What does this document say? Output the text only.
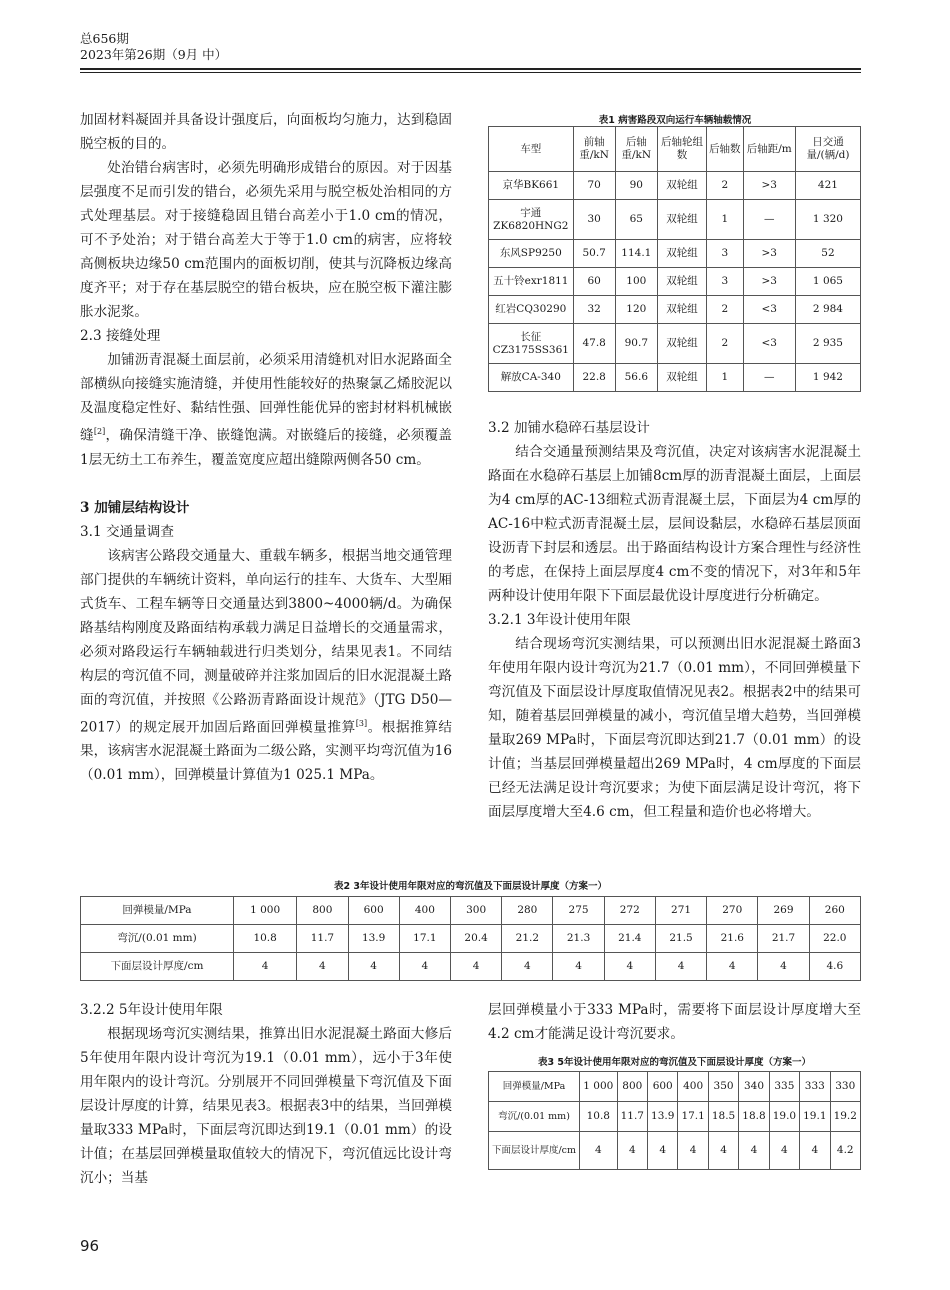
总656期
2023年第26期（9月 中）

加固材料凝固并具备设计强度后，向面板均匀施力，达到稳固脱空板的目的。

处治错台病害时，必须先明确形成错台的原因。对于因基层强度不足而引发的错台，必须先采用与脱空板处治相同的方式处理基层。对于接缝稳固且错台高差小于1.0 cm的情况，可不予处治；对于错台高差大于等于1.0 cm的病害，应将较高侧板块边缘50 cm范围内的面板切削，使其与沉降板边缘高度齐平；对于存在基层脱空的错台板块，应在脱空板下灌注膨胀水泥浆。

2.3 接缝处理

加铺沥青混凝土面层前，必须采用清缝机对旧水泥路面全部横纵向接缝实施清缝，并使用性能较好的热聚氯乙烯胶泥以及温度稳定性好、黏结性强、回弹性能优异的密封材料机械嵌缝[2]，确保清缝干净、嵌缝饱满。对嵌缝后的接缝，必须覆盖1层无纺土工布养生，覆盖宽度应超出缝隙两侧各50 cm。

3 加铺层结构设计

3.1 交通量调查

该病害公路段交通量大、重载车辆多，根据当地交通管理部门提供的车辆统计资料，单向运行的挂车、大货车、大型厢式货车、工程车辆等日交通量达到3800~4000辆/d。为确保路基结构刚度及路面结构承载力满足日益增长的交通量需求，必须对路段运行车辆轴载进行归类划分，结果见表1。不同结构层的弯沉值不同，测量破碎并注浆加固后的旧水泥混凝土路面的弯沉值，并按照《公路沥青路面设计规范》（JTG D50—2017）的规定展开加固后路面回弹模量推算[3]。根据推算结果，该病害水泥混凝土路面为二级公路，实测平均弯沉值为16（0.01 mm），回弹模量计算值为1 025.1 MPa。

表1 病害路段双向运行车辆轴载情况
车型	前轴重/kN	后轴重/kN	后轴轮组数	后轴数	后轴距/m	日交通量/(辆/d)
京华BK661	70	90	双轮组	2	>3	421
宇通ZK6820HNG2	30	65	双轮组	1	—	1 320
东风SP9250	50.7	114.1	双轮组	3	>3	52
五十铃exr1811	60	100	双轮组	3	>3	1 065
红岩CQ30290	32	120	双轮组	2	<3	2 984
长征CZ3175SS361	47.8	90.7	双轮组	2	<3	2 935
解放CA-340	22.8	56.6	双轮组	1	—	1 942

3.2 加铺水稳碎石基层设计

结合交通量预测结果及弯沉值，决定对该病害水泥混凝土路面在水稳碎石基层上加铺8cm厚的沥青混凝土面层，上面层为4 cm厚的AC-13细粒式沥青混凝土层，下面层为4 cm厚的AC-16中粒式沥青混凝土层，层间设黏层，水稳碎石基层顶面设沥青下封层和透层。出于路面结构设计方案合理性与经济性的考虑，在保持上面层厚度4 cm不变的情况下，对3年和5年两种设计使用年限下下面层最优设计厚度进行分析确定。

3.2.1 3年设计使用年限

结合现场弯沉实测结果，可以预测出旧水泥混凝土路面3年使用年限内设计弯沉为21.7（0.01 mm），不同回弹模量下弯沉值及下面层设计厚度取值情况见表2。根据表2中的结果可知，随着基层回弹模量的减小，弯沉值呈增大趋势，当回弹模量取269 MPa时，下面层弯沉即达到21.7（0.01 mm）的设计值；当基层回弹模量超出269 MPa时，4 cm厚度的下面层已经无法满足设计弯沉要求；为使下面层满足设计弯沉，将下面层厚度增大至4.6 cm，但工程量和造价也必将增大。

表2 3年设计使用年限对应的弯沉值及下面层设计厚度（方案一）
回弹模量/MPa	1 000	800	600	400	300	280	275	272	271	270	269	260
弯沉/(0.01 mm)	10.8	11.7	13.9	17.1	20.4	21.2	21.3	21.4	21.5	21.6	21.7	22.0
下面层设计厚度/cm	4	4	4	4	4	4	4	4	4	4	4	4.6

3.2.2 5年设计使用年限

根据现场弯沉实测结果，推算出旧水泥混凝土路面大修后5年使用年限内设计弯沉为19.1（0.01 mm），远小于3年使用年限内的设计弯沉。分别展开不同回弹模量下弯沉值及下面层设计厚度的计算，结果见表3。根据表3中的结果，当回弹模量取333 MPa时，下面层弯沉即达到19.1（0.01 mm）的设计值；在基层回弹模量取值较大的情况下，弯沉值远比设计弯沉小；当基

层回弹模量小于333 MPa时，需要将下面层设计厚度增大至4.2 cm才能满足设计弯沉要求。

表3 5年设计使用年限对应的弯沉值及下面层设计厚度（方案一）
回弹模量/MPa	1 000	800	600	400	350	340	335	333	330
弯沉/(0.01 mm)	10.8	11.7	13.9	17.1	18.5	18.8	19.0	19.1	19.2
下面层设计厚度/cm	4	4	4	4	4	4	4	4	4.2
96
